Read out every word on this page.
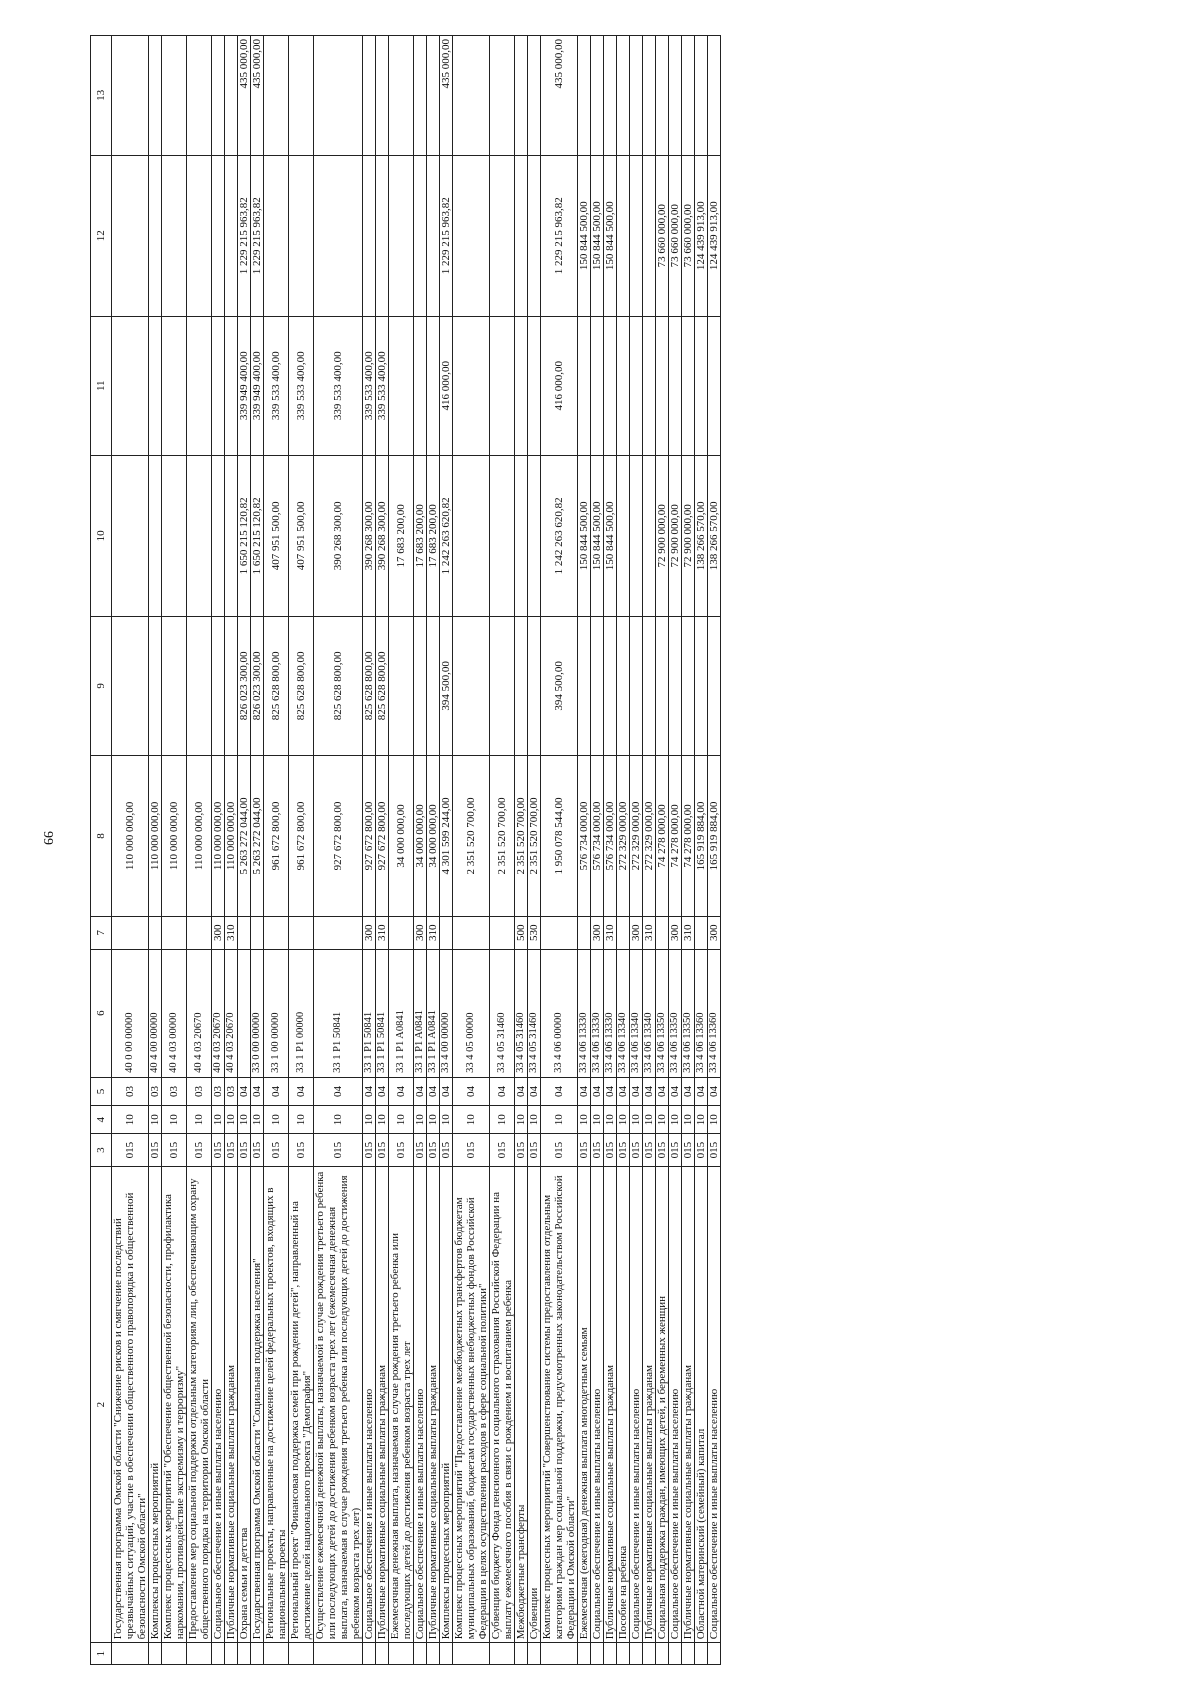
99
1	2	3	4	5	6	7	8	9	10	11	12	13
	Государственная программа Омской области "Снижение рисков и смягчение последствий чрезвычайных ситуаций, участие в обеспечении общественного правопорядка и общественной безопасности Омской области"	015	10	03	40 0 00 00000		110 000 000,00					
	Комплексы процессных мероприятий	015	10	03	40 4 00 00000		110 000 000,00					
	Комплекс процессных мероприятий "Обеспечение общественной безопасности, профилактика наркомании, противодействие экстремизму и терроризму"	015	10	03	40 4 03 00000		110 000 000,00					
	Предоставление мер социальной поддержки отдельным категориям лиц, обеспечивающим охрану общественного порядка на территории Омской области	015	10	03	40 4 03 20670		110 000 000,00					
	Социальное обеспечение и иные выплаты населению	015	10	03	40 4 03 20670	300	110 000 000,00					
	Публичные нормативные социальные выплаты гражданам	015	10	03	40 4 03 20670	310	110 000 000,00					
	Охрана семьи и детства	015	10	04			5 263 272 044,00	826 023 300,00	1 650 215 120,82	339 949 400,00	1 229 215 963,82	435 000,00
	Государственная программа Омской области "Социальная поддержка населения"	015	10	04	33 0 00 00000		5 263 272 044,00	826 023 300,00	1 650 215 120,82	339 949 400,00	1 229 215 963,82	435 000,00
	Региональные проекты, направленные на достижение целей федеральных проектов, входящих в национальные проекты	015	10	04	33 1 00 00000		961 672 800,00	825 628 800,00	407 951 500,00	339 533 400,00		
	Региональный проект "Финансовая поддержка семей при рождении детей", направленный на достижение целей национального проекта "Демография"	015	10	04	33 1 P1 00000		961 672 800,00	825 628 800,00	407 951 500,00	339 533 400,00		
	Осуществление ежемесячной денежной выплаты, назначаемой в случае рождения третьего ребенка или последующих детей до достижения ребенком возраста трех лет (ежемесячная денежная выплата, назначаемая в случае рождения третьего ребенка или последующих детей до достижения ребенком возраста трех лет)	015	10	04	33 1 P1 50841		927 672 800,00	825 628 800,00	390 268 300,00	339 533 400,00		
	Социальное обеспечение и иные выплаты населению	015	10	04	33 1 P1 50841	300	927 672 800,00	825 628 800,00	390 268 300,00	339 533 400,00		
	Публичные нормативные социальные выплаты гражданам	015	10	04	33 1 P1 50841	310	927 672 800,00	825 628 800,00	390 268 300,00	339 533 400,00		
	Ежемесячная денежная выплата, назначаемая в случае рождения третьего ребенка или последующих детей до достижения ребенком возраста трех лет	015	10	04	33 1 P1 A0841		34 000 000,00		17 683 200,00			
	Социальное обеспечение и иные выплаты населению	015	10	04	33 1 P1 A0841	300	34 000 000,00		17 683 200,00			
	Публичные нормативные социальные выплаты гражданам	015	10	04	33 1 P1 A0841	310	34 000 000,00		17 683 200,00			
	Комплексы процессных мероприятий	015	10	04	33 4 00 00000		4 301 599 244,00	394 500,00	1 242 263 620,82	416 000,00	1 229 215 963,82	435 000,00
	Комплекс процессных мероприятий "Предоставление межбюджетных трансфертов бюджетам муниципальных образований, бюджетам государственных внебюджетных фондов Российской Федерации в целях осуществления расходов в сфере социальной политики"	015	10	04	33 4 05 00000		2 351 520 700,00					
	Субвенции бюджету Фонда пенсионного и социального страхования Российской Федерации на выплату ежемесячного пособия в связи с рождением и воспитанием ребенка	015	10	04	33 4 05 31460		2 351 520 700,00					
	Межбюджетные трансферты	015	10	04	33 4 05 31460	500	2 351 520 700,00					
	Субвенции	015	10	04	33 4 05 31460	530	2 351 520 700,00					
	Комплекс процессных мероприятий "Совершенствование системы предоставления отдельным категориям граждан мер социальной поддержки, предусмотренных законодательством Российской Федерации и Омской области"	015	10	04	33 4 06 00000		1 950 078 544,00	394 500,00	1 242 263 620,82	416 000,00	1 229 215 963,82	435 000,00
	Ежемесячная (ежегодная) денежная выплата многодетным семьям	015	10	04	33 4 06 13330		576 734 000,00		150 844 500,00		150 844 500,00	
	Социальное обеспечение и иные выплаты населению	015	10	04	33 4 06 13330	300	576 734 000,00		150 844 500,00		150 844 500,00	
	Публичные нормативные социальные выплаты гражданам	015	10	04	33 4 06 13330	310	576 734 000,00		150 844 500,00		150 844 500,00	
	Пособие на ребенка	015	10	04	33 4 06 13340		272 329 000,00					
	Социальное обеспечение и иные выплаты населению	015	10	04	33 4 06 13340	300	272 329 000,00					
	Публичные нормативные социальные выплаты гражданам	015	10	04	33 4 06 13340	310	272 329 000,00					
	Социальная поддержка граждан, имеющих детей, и беременных женщин	015	10	04	33 4 06 13350		74 278 000,00		72 900 000,00		73 660 000,00	
	Социальное обеспечение и иные выплаты населению	015	10	04	33 4 06 13350	300	74 278 000,00		72 900 000,00		73 660 000,00	
	Публичные нормативные социальные выплаты гражданам	015	10	04	33 4 06 13350	310	74 278 000,00		72 900 000,00		73 660 000,00	
	Областной материнский (семейный) капитал	015	10	04	33 4 06 13360		165 919 884,00		138 266 570,00		124 439 913,00	
	Социальное обеспечение и иные выплаты населению	015	10	04	33 4 06 13360	300	165 919 884,00		138 266 570,00		124 439 913,00	
